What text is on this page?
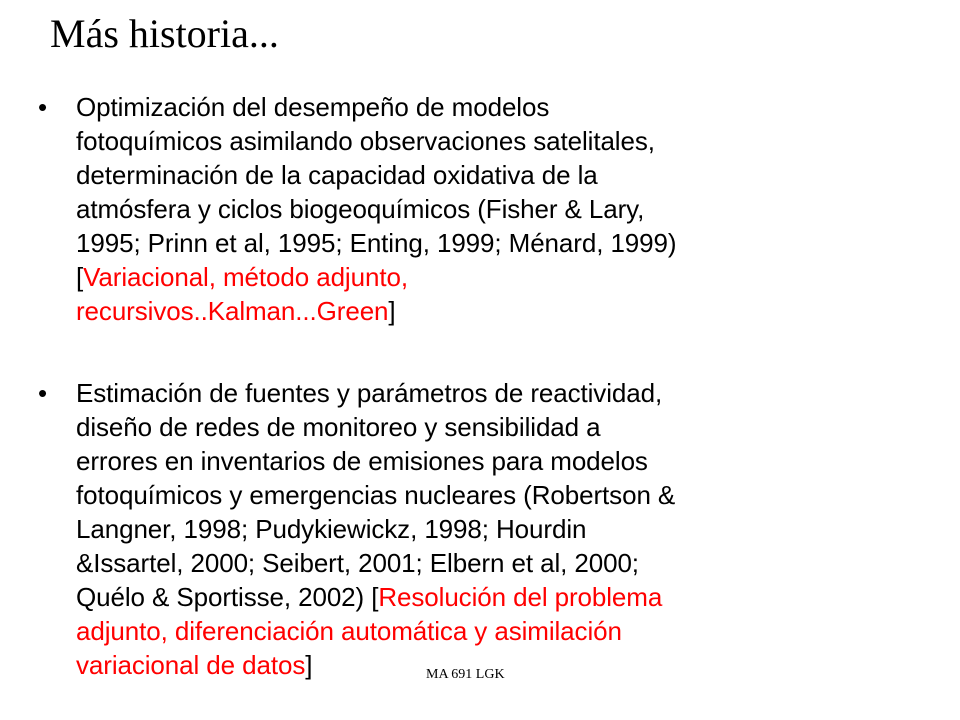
Más historia...
• Optimización del desempeño de modelos
fotoquímicos asimilando observaciones satelitales,
determinación de la capacidad oxidativa de la
atmósfera y ciclos biogeoquímicos (Fisher & Lary,
1995; Prinn et al, 1995; Enting, 1999; Ménard, 1999)
[Variacional, método adjunto,
recursivos..Kalman...Green]
• Estimación de fuentes y parámetros de reactividad,
diseño de redes de monitoreo y sensibilidad a
errores en inventarios de emisiones para modelos
fotoquímicos y emergencias nucleares (Robertson &
Langner, 1998; Pudykiewickz, 1998; Hourdin
&Issartel, 2000; Seibert, 2001; Elbern et al, 2000;
Quélo & Sportisse, 2002) [Resolución del problema
adjunto, diferenciación automática y asimilación
variacional de datos]	MA 691 LGK
